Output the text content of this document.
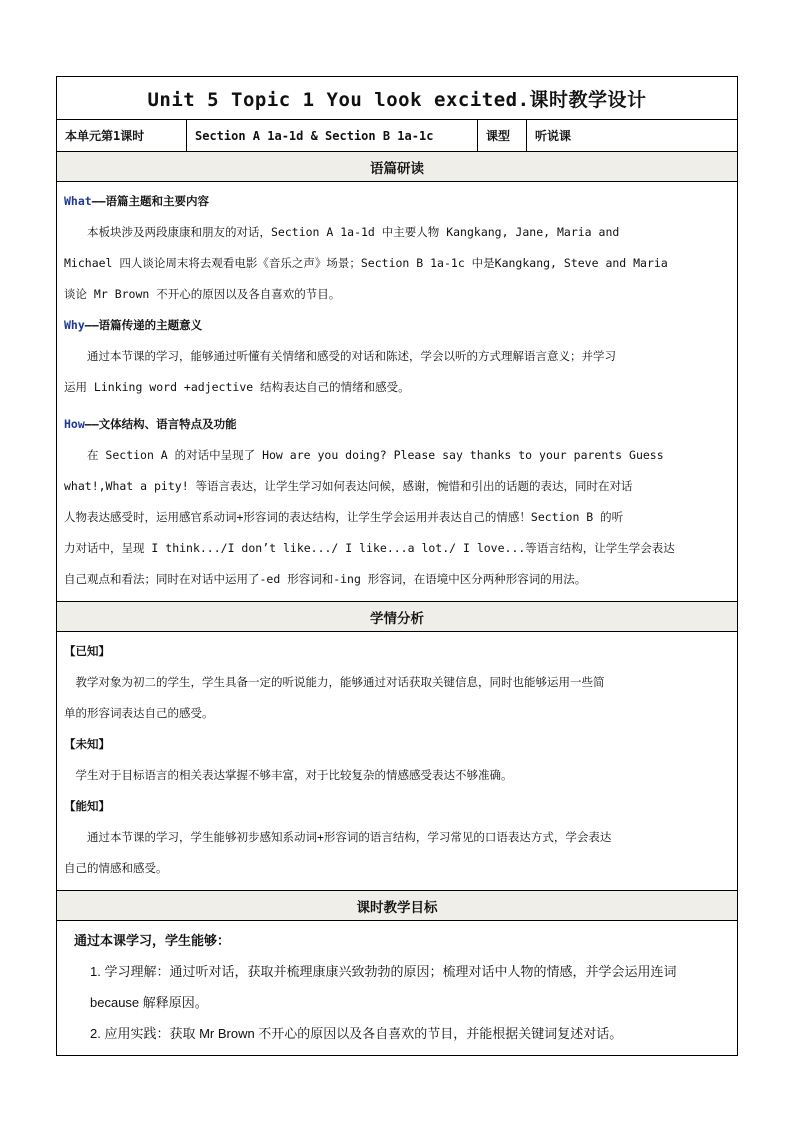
Unit 5 Topic 1 You look excited.课时教学设计
本单元第1课时	Section A 1a-1d & Section B 1a-1c	课型	听说课
语篇研读

What——语篇主题和主要内容

本板块涉及两段康康和朋友的对话，Section A 1a-1d 中主要人物 Kangkang, Jane, Maria and

Michael 四人谈论周末将去观看电影《音乐之声》场景；Section B 1a-1c 中是Kangkang, Steve and Maria

谈论 Mr Brown 不开心的原因以及各自喜欢的节目。

Why——语篇传递的主题意义

通过本节课的学习，能够通过听懂有关情绪和感受的对话和陈述，学会以听的方式理解语言意义；并学习

运用 Linking word +adjective 结构表达自己的情绪和感受。

How——文体结构、语言特点及功能

在 Section A 的对话中呈现了 How are you doing? Please say thanks to your parents Guess

what!,What a pity! 等语言表达，让学生学习如何表达问候，感谢，惋惜和引出的话题的表达，同时在对话

人物表达感受时，运用感官系动词+形容词的表达结构，让学生学会运用并表达自己的情感！Section B 的听

力对话中，呈现 I think.../I don’t like.../ I like...a lot./ I love...等语言结构，让学生学会表达

自己观点和看法；同时在对话中运用了-ed 形容词和-ing 形容词，在语境中区分两种形容词的用法。

学情分析

【已知】

教学对象为初二的学生，学生具备一定的听说能力，能够通过对话获取关键信息，同时也能够运用一些简

单的形容词表达自己的感受。

【未知】

学生对于目标语言的相关表达掌握不够丰富，对于比较复杂的情感感受表达不够准确。

【能知】

通过本节课的学习，学生能够初步感知系动词+形容词的语言结构，学习常见的口语表达方式，学会表达

自己的情感和感受。

课时教学目标

通过本课学习，学生能够：

1. 学习理解：通过听对话，获取并梳理康康兴致勃勃的原因；梳理对话中人物的情感，并学会运用连词

because 解释原因。

2. 应用实践：获取 Mr Brown 不开心的原因以及各自喜欢的节目，并能根据关键词复述对话。
